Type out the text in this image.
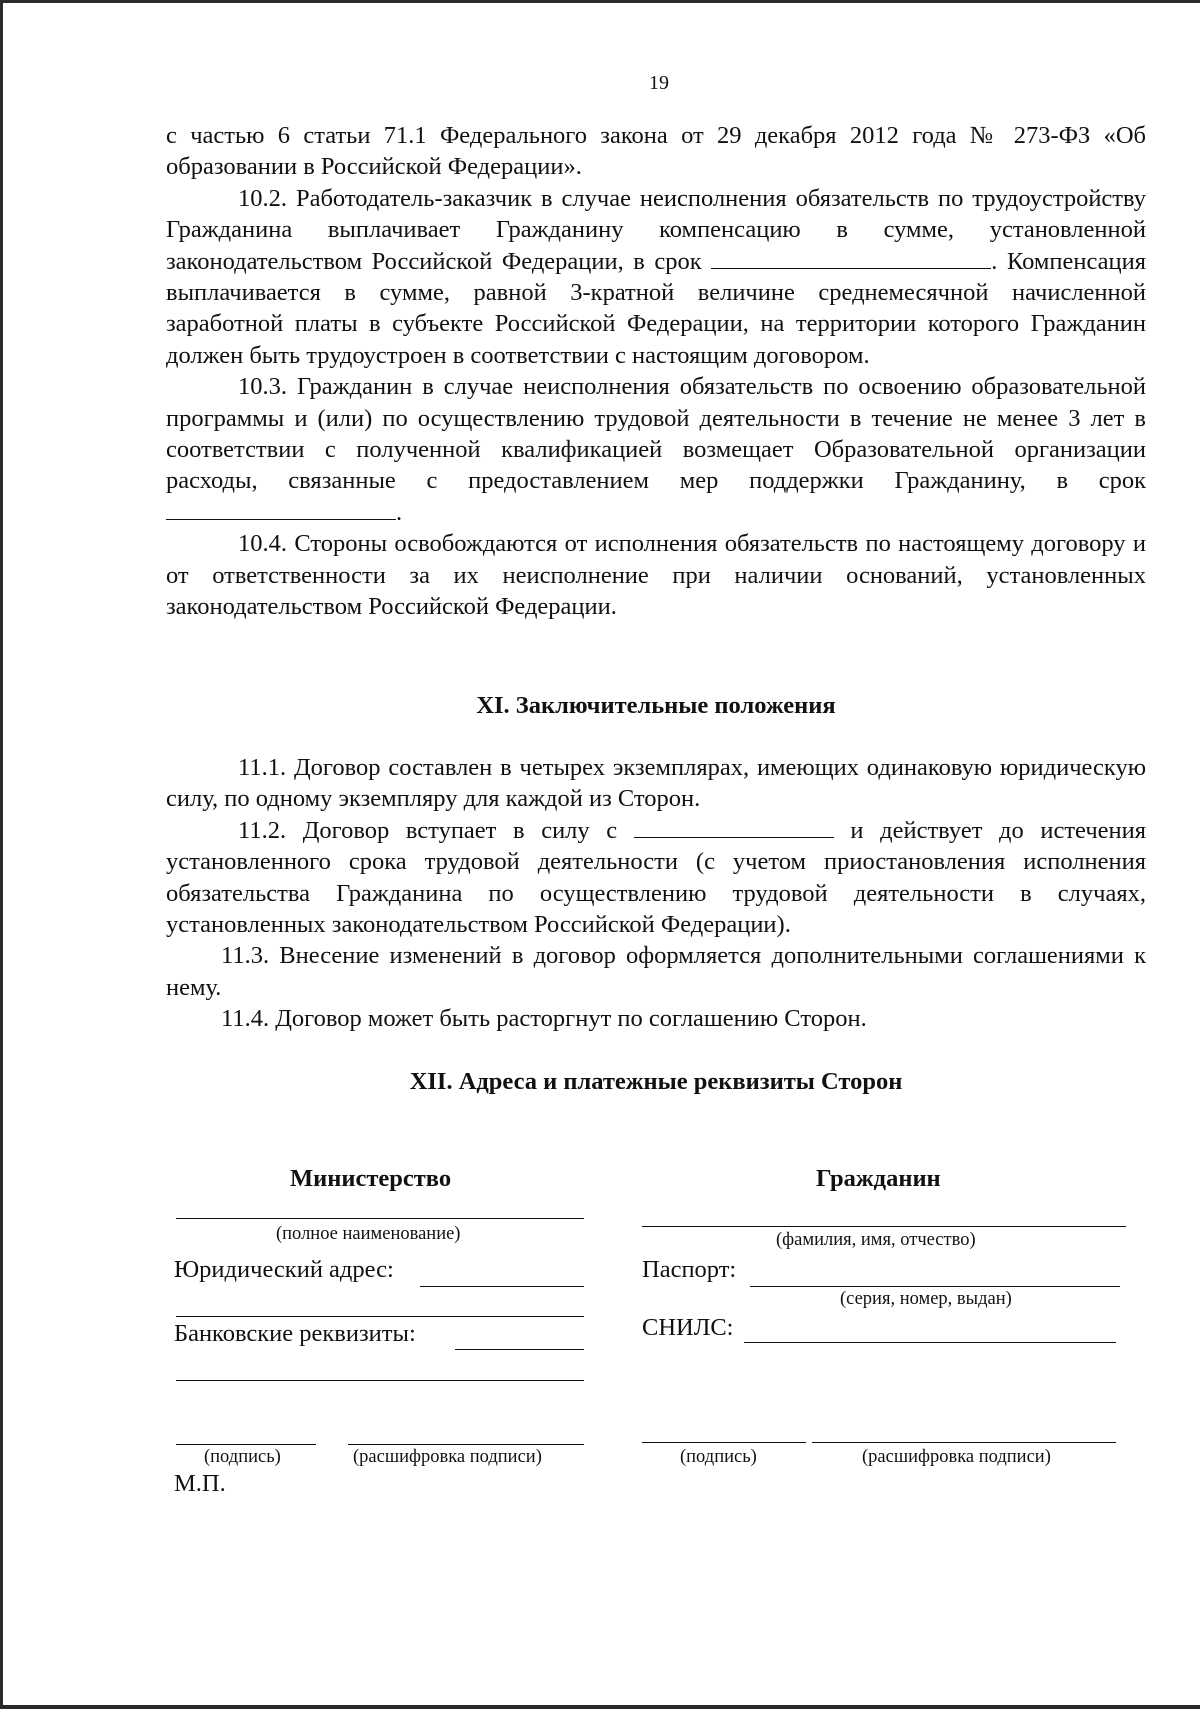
19

с частью 6 статьи 71.1 Федерального закона от 29 декабря 2012 года № 273-ФЗ «Об образовании в Российской Федерации».

10.2. Работодатель-заказчик в случае неисполнения обязательств по трудоустройству Гражданина выплачивает Гражданину компенсацию в сумме, установленной законодательством Российской Федерации, в срок	. Компенсация выплачивается в сумме, равной 3-кратной величине среднемесячной начисленной заработной платы в субъекте Российской Федерации, на территории которого Гражданин должен быть трудоустроен в соответствии с настоящим договором.

10.3. Гражданин в случае неисполнения обязательств по освоению образовательной программы и (или) по осуществлению трудовой деятельности в течение не менее 3 лет в соответствии с полученной квалификацией возмещает Образовательной организации расходы, связанные с предоставлением мер поддержки Гражданину, в срок .

10.4. Стороны освобождаются от исполнения обязательств по настоящему договору и от ответственности за их неисполнение при наличии оснований, установленных законодательством Российской Федерации.

XI. Заключительные положения

11.1. Договор составлен в четырех экземплярах, имеющих одинаковую юридическую силу, по одному экземпляру для каждой из Сторон.

11.2. Договор вступает в силу с	и действует до истечения установленного срока трудовой деятельности (с учетом приостановления исполнения обязательства Гражданина по осуществлению трудовой деятельности в случаях, установленных законодательством Российской Федерации).

11.3. Внесение изменений в договор оформляется дополнительными соглашениями к нему.

11.4. Договор может быть расторгнут по соглашению Сторон.

XII. Адреса и платежные реквизиты Сторон
Министерство
(полное наименование)
Юридический адрес:
Банковские реквизиты:
(подпись)	(расшифровка подписи)
М.П.
Гражданин
(фамилия, имя, отчество)
Паспорт:
(серия, номер, выдан)
СНИЛС:
(подпись)	(расшифровка подписи)
